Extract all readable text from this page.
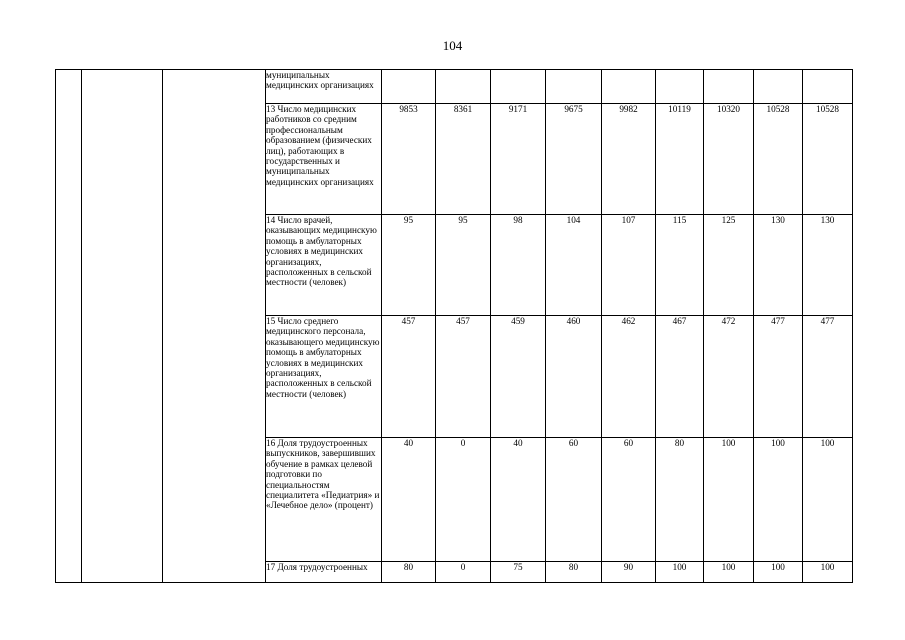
104
			муниципальных медицинских организациях									
			13 Число медицинских работников со средним профессиональным образованием (физических лиц), работающих в государственных и муниципальных медицинских организациях	9853	8361	9171	9675	9982	10119	10320	10528	10528
			14 Число врачей, оказывающих медицинскую помощь в амбулаторных условиях в медицинских организациях, расположенных в сельской местности (человек)	95	95	98	104	107	115	125	130	130
			15 Число среднего медицинского персонала, оказывающего медицинскую помощь в амбулаторных условиях в медицинских организациях, расположенных в сельской местности (человек)	457	457	459	460	462	467	472	477	477
			16 Доля трудоустроенных выпускников, завершивших обучение в рамках целевой подготовки по специальностям специалитета «Педиатрия» и «Лечебное дело» (процент)	40	0	40	60	60	80	100	100	100
			17 Доля трудоустроенных	80	0	75	80	90	100	100	100	100
